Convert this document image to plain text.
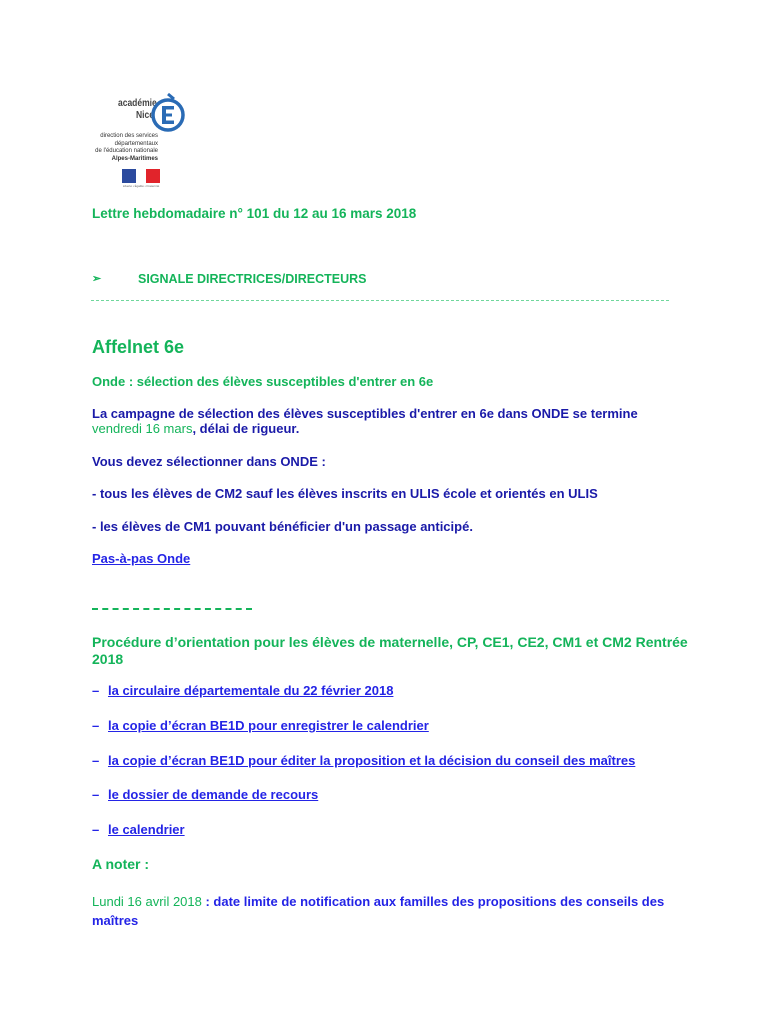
académie
Nice
direction des services
départementaux
de l'éducation nationale
Alpes-Maritimes
Liberté • Égalité • Fraternité
Lettre hebdomadaire n° 101 du 12 au 16 mars 2018
➢	SIGNALE DIRECTRICES/DIRECTEURS
Affelnet 6e
Onde : sélection des élèves susceptibles d'entrer en 6e
La campagne de sélection des élèves susceptibles d'entrer en 6e dans ONDE se termine
vendredi 16 mars, délai de rigueur.
Vous devez sélectionner dans ONDE :
- tous les élèves de CM2 sauf les élèves inscrits en ULIS école et orientés en ULIS
- les élèves de CM1 pouvant bénéficier d'un passage anticipé.
Pas-à-pas Onde
Procédure d’orientation pour les élèves de maternelle, CP, CE1, CE2, CM1 et CM2 Rentrée 2018
– la circulaire départementale du 22 février 2018
– la copie d’écran BE1D pour enregistrer le calendrier
– la copie d’écran BE1D pour éditer la proposition et la décision du conseil des maîtres
– le dossier de demande de recours
– le calendrier
A noter :
Lundi 16 avril 2018 : date limite de notification aux familles des propositions des conseils des maîtres
